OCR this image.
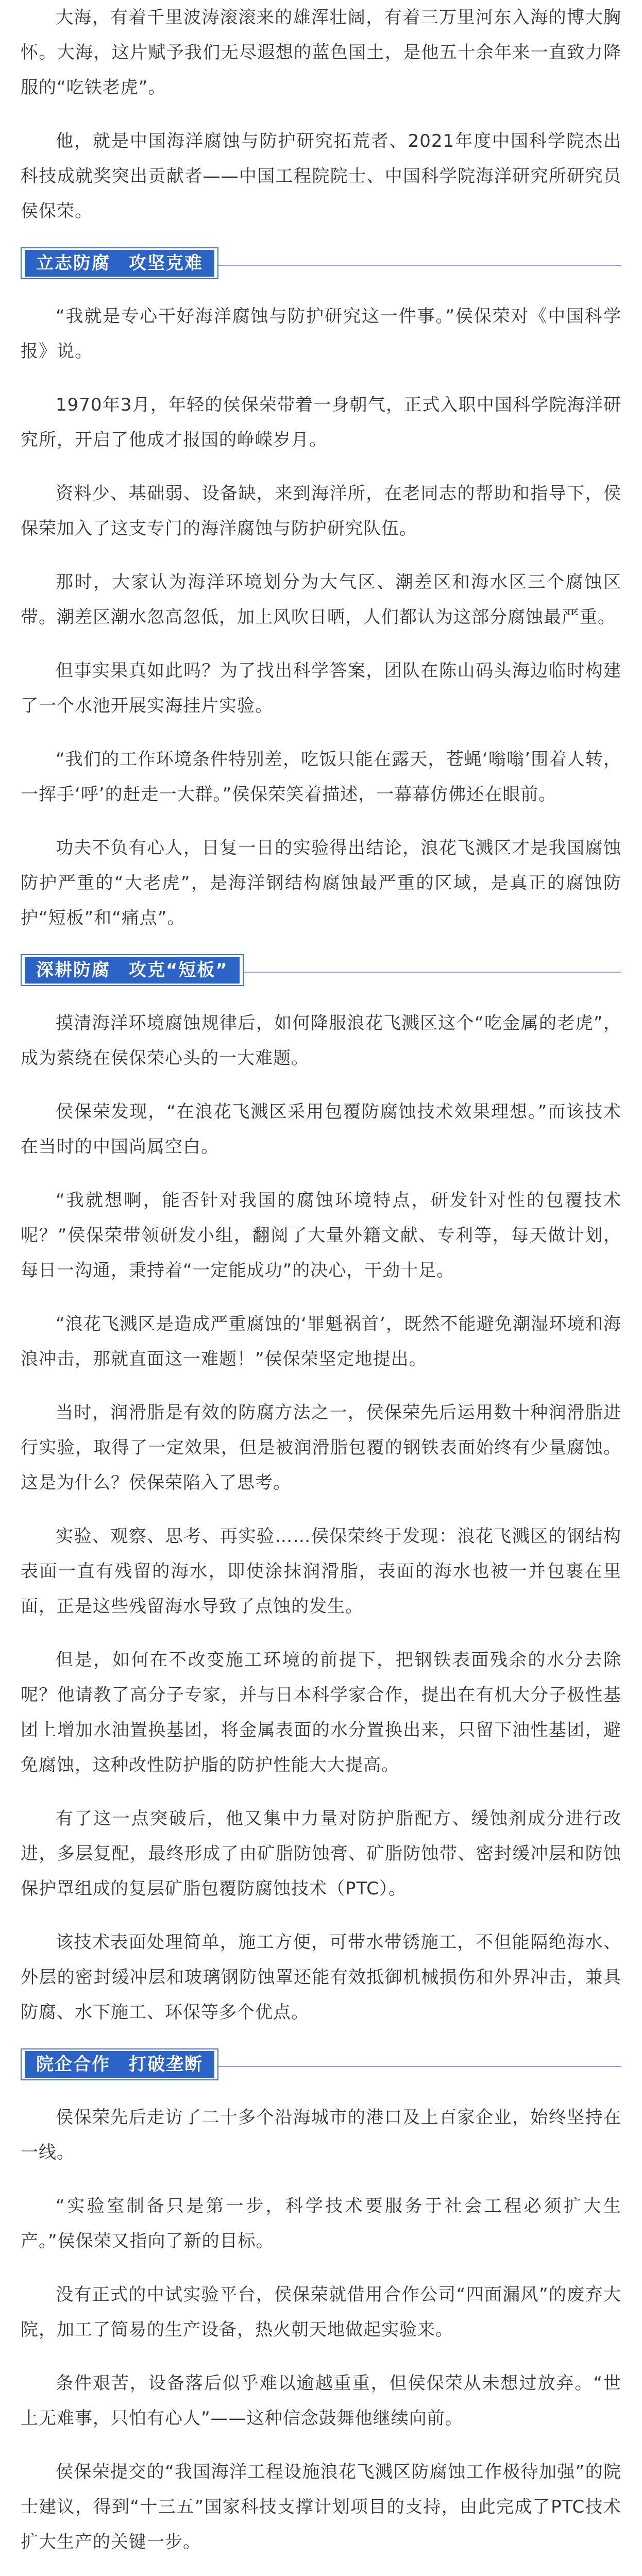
大海，有着千里波涛滚滚来的雄浑壮阔，有着三万里河东入海的博大胸怀。大海，这片赋予我们无尽遐想的蓝色国土，是他五十余年来一直致力降服的“吃铁老虎”。

他，就是中国海洋腐蚀与防护研究拓荒者、2021年度中国科学院杰出科技成就奖突出贡献者——中国工程院院士、中国科学院海洋研究所研究员侯保荣。

立志防腐　攻坚克难

“我就是专心干好海洋腐蚀与防护研究这一件事。”侯保荣对《中国科学报》说。

1970年3月，年轻的侯保荣带着一身朝气，正式入职中国科学院海洋研究所，开启了他成才报国的峥嵘岁月。

资料少、基础弱、设备缺，来到海洋所，在老同志的帮助和指导下，侯保荣加入了这支专门的海洋腐蚀与防护研究队伍。

那时，大家认为海洋环境划分为大气区、潮差区和海水区三个腐蚀区带。潮差区潮水忽高忽低，加上风吹日晒，人们都认为这部分腐蚀最严重。

但事实果真如此吗？为了找出科学答案，团队在陈山码头海边临时构建了一个水池开展实海挂片实验。

“我们的工作环境条件特别差，吃饭只能在露天，苍蝇‘嗡嗡’围着人转，一挥手‘呼’的赶走一大群。”侯保荣笑着描述，一幕幕仿佛还在眼前。

功夫不负有心人，日复一日的实验得出结论，浪花飞溅区才是我国腐蚀防护严重的“大老虎”，是海洋钢结构腐蚀最严重的区域，是真正的腐蚀防护“短板”和“痛点”。

深耕防腐　攻克“短板”

摸清海洋环境腐蚀规律后，如何降服浪花飞溅区这个“吃金属的老虎”，成为萦绕在侯保荣心头的一大难题。

侯保荣发现，“在浪花飞溅区采用包覆防腐蚀技术效果理想。”而该技术在当时的中国尚属空白。

“我就想啊，能否针对我国的腐蚀环境特点，研发针对性的包覆技术呢？”侯保荣带领研发小组，翻阅了大量外籍文献、专利等，每天做计划，每日一沟通，秉持着“一定能成功”的决心，干劲十足。

“浪花飞溅区是造成严重腐蚀的‘罪魁祸首’，既然不能避免潮湿环境和海浪冲击，那就直面这一难题！”侯保荣坚定地提出。

当时，润滑脂是有效的防腐方法之一，侯保荣先后运用数十种润滑脂进行实验，取得了一定效果，但是被润滑脂包覆的钢铁表面始终有少量腐蚀。这是为什么？侯保荣陷入了思考。

实验、观察、思考、再实验……侯保荣终于发现：浪花飞溅区的钢结构表面一直有残留的海水，即使涂抹润滑脂，表面的海水也被一并包裹在里面，正是这些残留海水导致了点蚀的发生。

但是，如何在不改变施工环境的前提下，把钢铁表面残余的水分去除呢？他请教了高分子专家，并与日本科学家合作，提出在有机大分子极性基团上增加水油置换基团，将金属表面的水分置换出来，只留下油性基团，避免腐蚀，这种改性防护脂的防护性能大大提高。

有了这一点突破后，他又集中力量对防护脂配方、缓蚀剂成分进行改进，多层复配，最终形成了由矿脂防蚀膏、矿脂防蚀带、密封缓冲层和防蚀保护罩组成的复层矿脂包覆防腐蚀技术（PTC）。

该技术表面处理简单，施工方便，可带水带锈施工，不但能隔绝海水、外层的密封缓冲层和玻璃钢防蚀罩还能有效抵御机械损伤和外界冲击，兼具防腐、水下施工、环保等多个优点。

院企合作　打破垄断

侯保荣先后走访了二十多个沿海城市的港口及上百家企业，始终坚持在一线。

“实验室制备只是第一步，科学技术要服务于社会工程必须扩大生产。”侯保荣又指向了新的目标。

没有正式的中试实验平台，侯保荣就借用合作公司“四面漏风”的废弃大院，加工了简易的生产设备，热火朝天地做起实验来。

条件艰苦，设备落后似乎难以逾越重重，但侯保荣从未想过放弃。“世上无难事，只怕有心人”——这种信念鼓舞他继续向前。

侯保荣提交的“我国海洋工程设施浪花飞溅区防腐蚀工作极待加强”的院士建议，得到“十三五”国家科技支撑计划项目的支持，由此完成了PTC技术扩大生产的关键一步。
